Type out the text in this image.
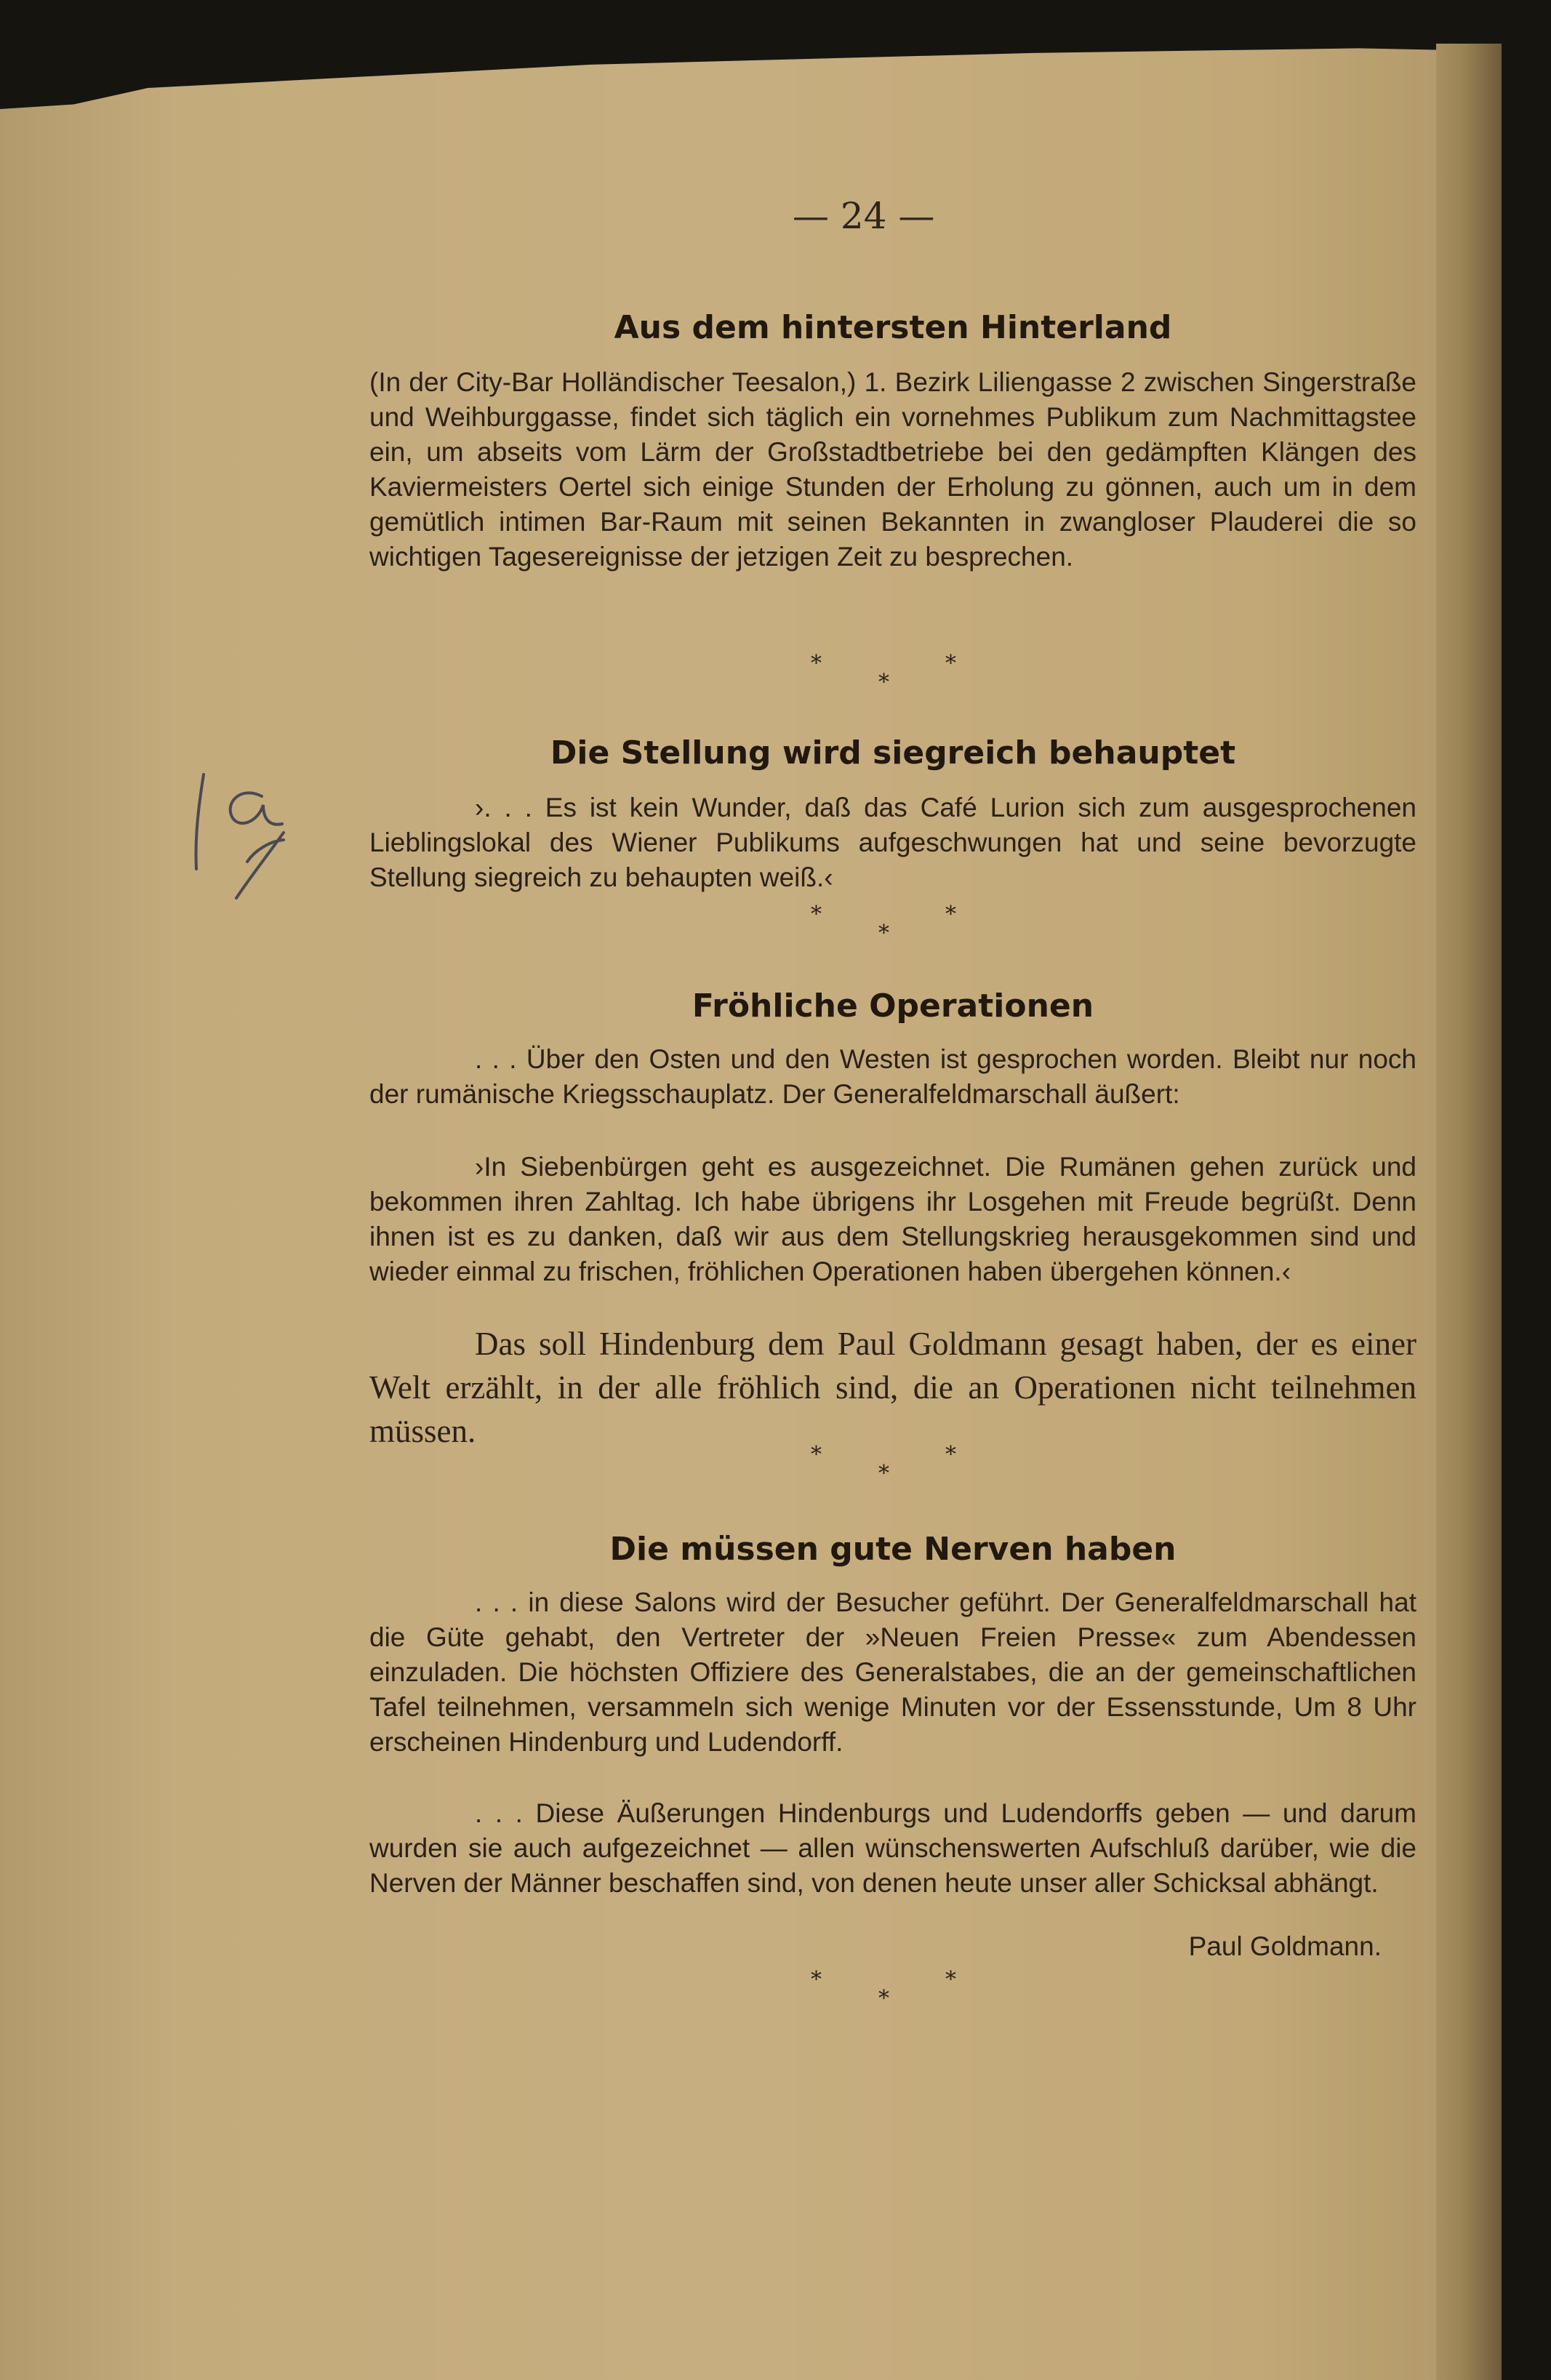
— 24 —
1a
Aus dem hintersten Hinterland
(In der City-Bar Holländischer Teesalon,) 1. Bezirk Liliengasse 2 zwischen Singerstraße und Weihburggasse, findet sich täglich ein vornehmes Publikum zum Nachmittagstee ein, um abseits vom Lärm der Großstadtbetriebe bei den gedämpften Klängen des Kaviermeisters Oertel sich einige Stunden der Erholung zu gönnen, auch um in dem gemütlich intimen Bar-Raum mit seinen Bekannten in zwangloser Plauderei die so wichtigen Tagesereignisse der jetzigen Zeit zu besprechen.
*	*
*
Die Stellung wird siegreich behauptet
›. . . Es ist kein Wunder, daß das Café Lurion sich zum ausgesprochenen Lieblingslokal des Wiener Publikums aufgeschwungen hat und seine bevorzugte Stellung siegreich zu behaupten weiß.‹
*	*
*
Fröhliche Operationen
. . . Über den Osten und den Westen ist gesprochen worden. Bleibt nur noch der rumänische Kriegsschauplatz. Der Generalfeldmarschall äußert:
›In Siebenbürgen geht es ausgezeichnet. Die Rumänen gehen zurück und bekommen ihren Zahltag. Ich habe übrigens ihr Losgehen mit Freude begrüßt. Denn ihnen ist es zu danken, daß wir aus dem Stellungskrieg herausgekommen sind und wieder einmal zu frischen, fröhlichen Operationen haben übergehen können.‹
Das soll Hindenburg dem Paul Goldmann gesagt haben, der es einer Welt erzählt, in der alle fröhlich sind, die an Operationen nicht teilnehmen müssen.
*	*
*
Die müssen gute Nerven haben
. . . in diese Salons wird der Besucher geführt. Der Generalfeldmarschall hat die Güte gehabt, den Vertreter der »Neuen Freien Presse« zum Abendessen einzuladen. Die höchsten Offiziere des Generalstabes, die an der gemeinschaftlichen Tafel teilnehmen, versammeln sich wenige Minuten vor der Essensstunde, Um 8 Uhr erscheinen Hindenburg und Ludendorff.
. . . Diese Äußerungen Hindenburgs und Ludendorffs geben — und darum wurden sie auch aufgezeichnet — allen wünschenswerten Aufschluß darüber, wie die Nerven der Männer beschaffen sind, von denen heute unser aller Schicksal abhängt.
Paul Goldmann.
*	*
*
